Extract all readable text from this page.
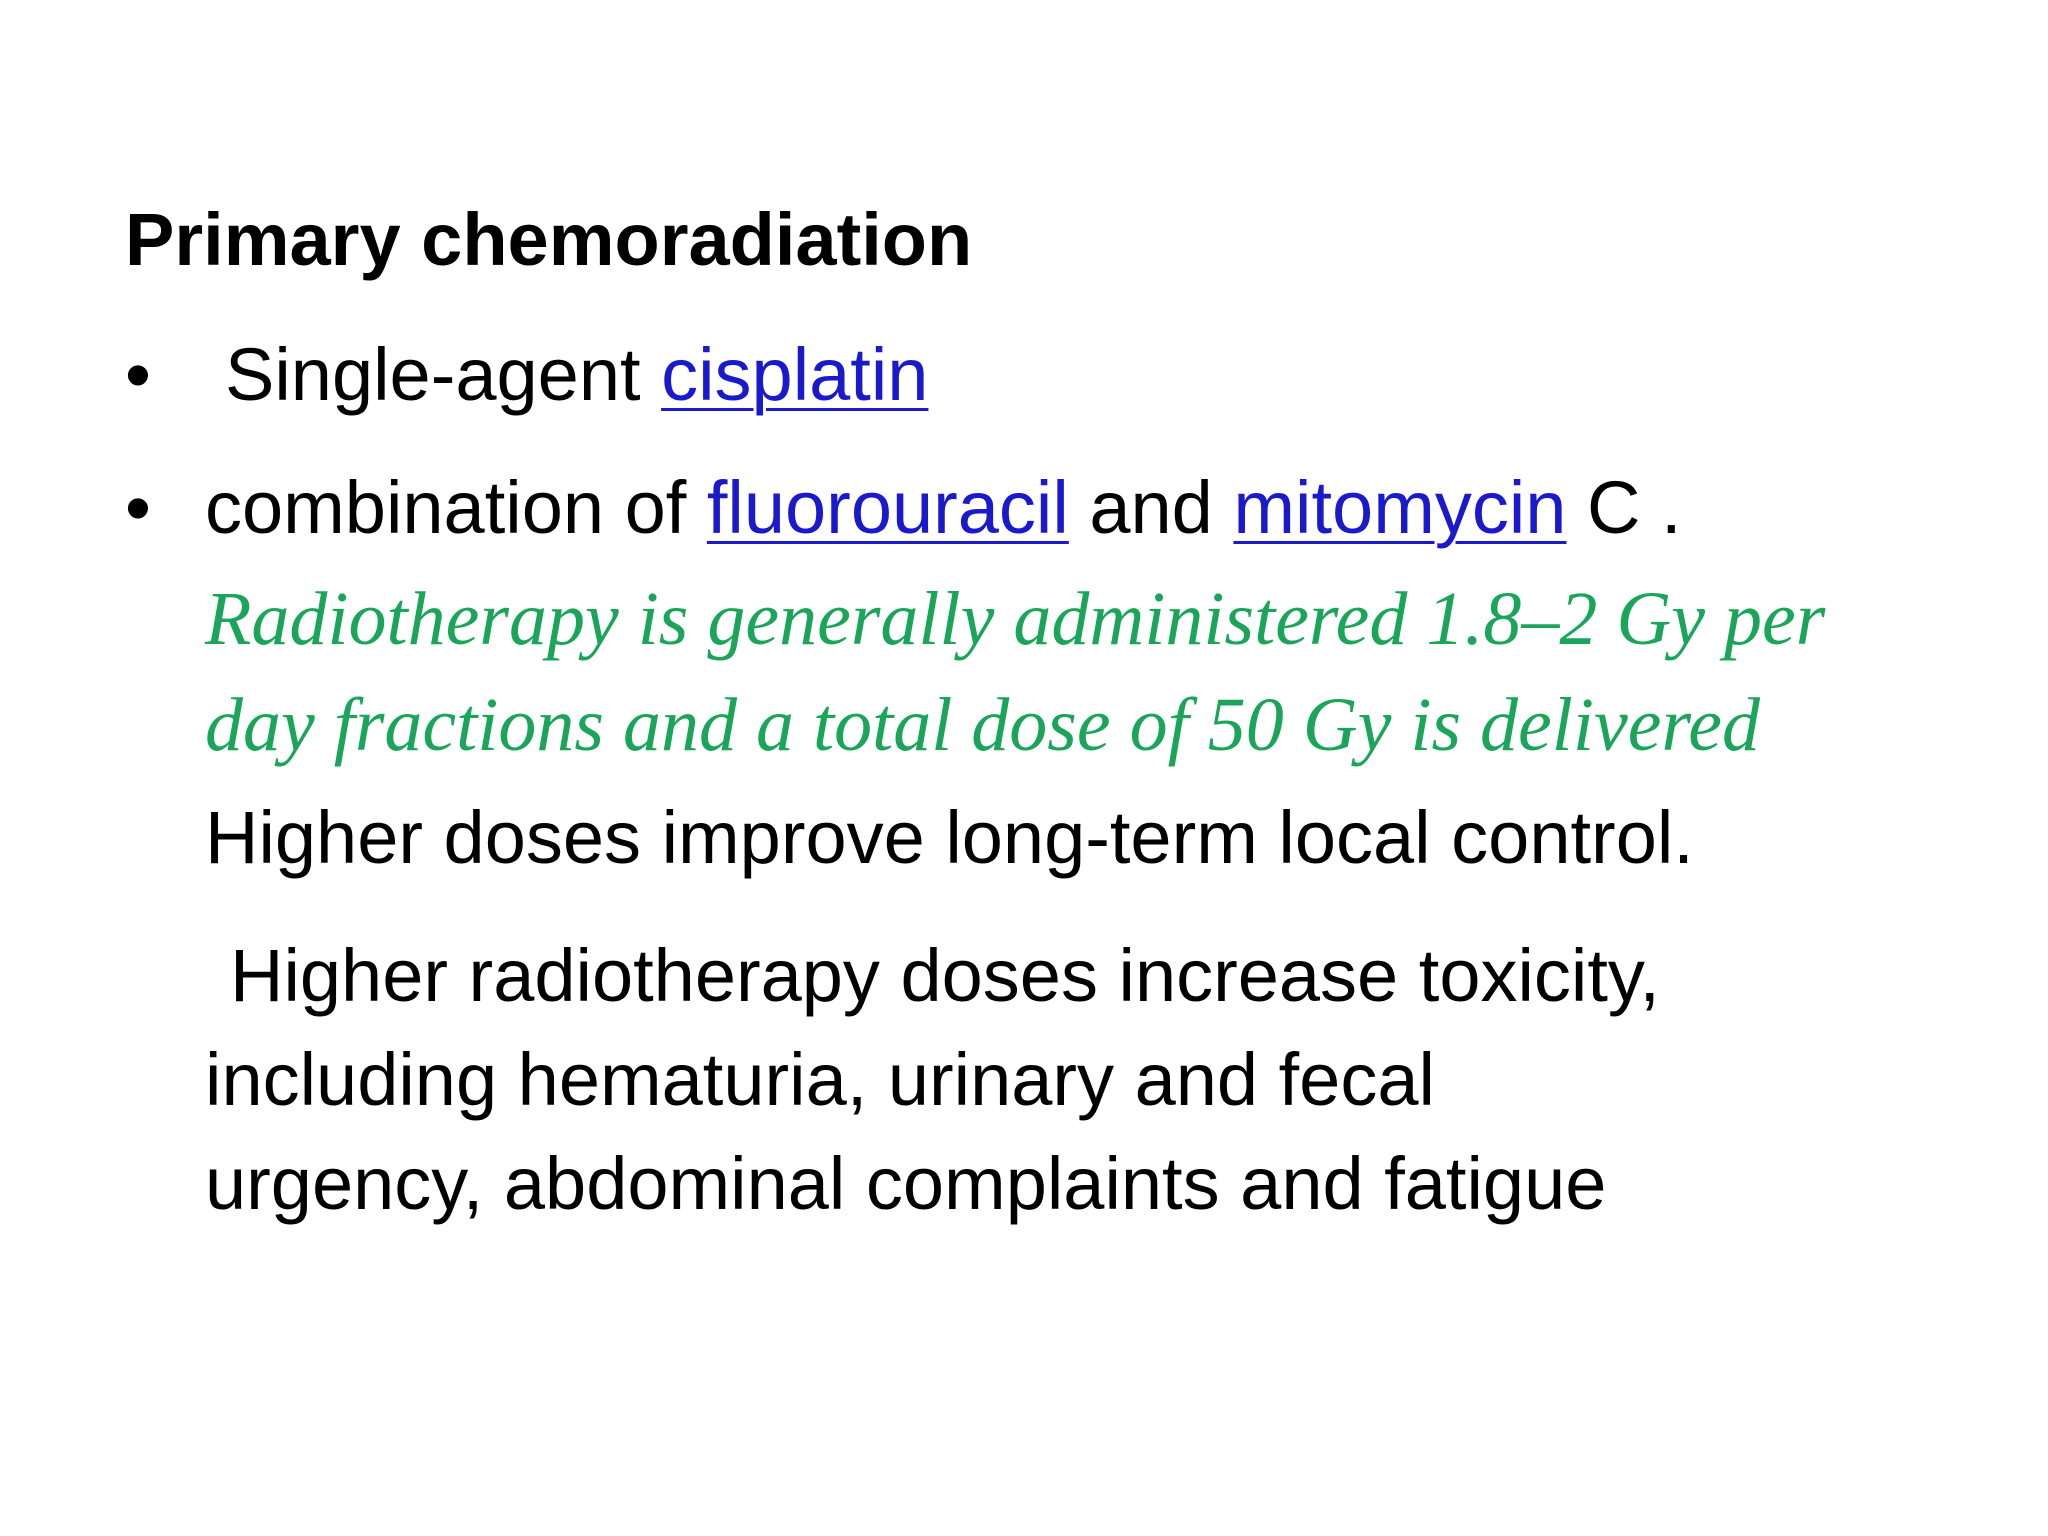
Primary chemoradiation
• Single-agent cisplatin
• combination of fluorouracil and mitomycin C .
Radiotherapy is generally administered 1.8–2 Gy per
day fractions and a total dose of 50 Gy is delivered
Higher doses improve long-term local control.
Higher radiotherapy doses increase toxicity,
including hematuria, urinary and fecal
urgency, abdominal complaints and fatigue
